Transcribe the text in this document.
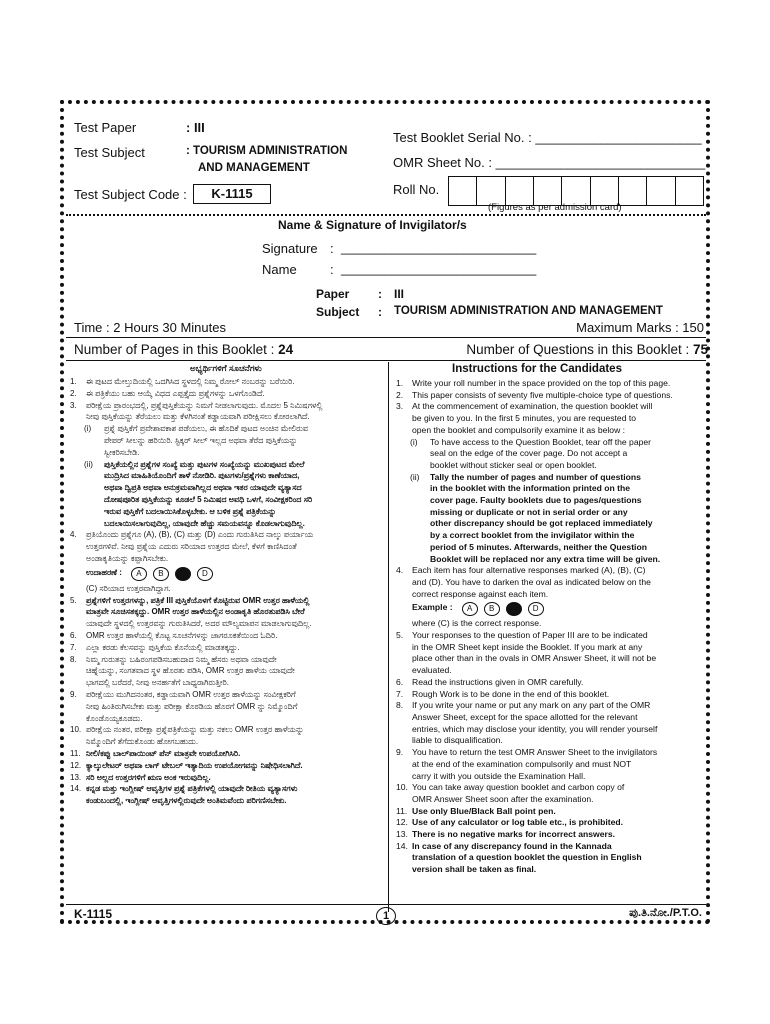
Test Paper	: III
Test Subject	: TOURISM ADMINISTRATION
AND MANAGEMENT
Test Subject Code :	K-1115
Test Booklet Serial No. : _______________________
OMR Sheet No. : _____________________________
Roll No.
(Figures as per admission card)
Name & Signature of Invigilator/s
Signature : ___________________________
Name	: ___________________________
Paper : III
Subject : TOURISM ADMINISTRATION AND MANAGEMENT
Time : 2 Hours 30 Minutes	Maximum Marks : 150
Number of Pages in this Booklet : 24	Number of Questions in this Booklet : 75
ಅಭ್ಯರ್ಥಿಗಳಿಗೆ ಸೂಚನೆಗಳು
1.	ಈ ಪುಟದ ಮೇಲ್ತುದಿಯಲ್ಲಿ ಒದಗಿಸಿದ ಸ್ಥಳದಲ್ಲಿ ನಿಮ್ಮ ರೋಲ್ ನಂಬರನ್ನು ಬರೆಯಿರಿ.
2.	ಈ ಪತ್ರಿಕೆಯು ಬಹು ಆಯ್ಕೆ ವಿಧದ ಎಪ್ಪತ್ತೈದು ಪ್ರಶ್ನೆಗಳನ್ನು ಒಳಗೊಂಡಿದೆ.
3.	ಪರೀಕ್ಷೆಯ ಪ್ರಾರಂಭದಲ್ಲಿ, ಪ್ರಶ್ನೆಪುಸ್ತಿಕೆಯನ್ನು ನಿಮಗೆ ನೀಡಲಾಗುವುದು. ಮೊದಲ 5 ನಿಮಿಷಗಳಲ್ಲಿ
ನೀವು ಪುಸ್ತಿಕೆಯನ್ನು ತೆರೆಯಲು ಮತ್ತು ಕೆಳಗಿನಂತೆ ಕಡ್ಡಾಯವಾಗಿ ಪರೀಕ್ಷಿಸಲು ಕೋರಲಾಗಿದೆ.
(i)	ಪ್ರಶ್ನೆ ಪುಸ್ತಿಕೆಗೆ ಪ್ರವೇಶಾವಕಾಶ ಪಡೆಯಲು, ಈ ಹೊದಿಕೆ ಪುಟದ ಅಂಚಿನ ಮೇಲಿರುವ
ಪೇಪರ್ ಸೀಲನ್ನು ಹರಿಯಿರಿ. ಸ್ಟಿಕ್ಕರ್ ಸೀಲ್ ಇಲ್ಲದ ಅಥವಾ ತೆರೆದ ಪುಸ್ತಿಕೆಯನ್ನು
ಸ್ವೀಕರಿಸಬೇಡಿ.
(ii)	ಪುಸ್ತಿಕೆಯಲ್ಲಿನ ಪ್ರಶ್ನೆಗಳ ಸಂಖ್ಯೆ ಮತ್ತು ಪುಟಗಳ ಸಂಖ್ಯೆಯನ್ನು ಮುಖಪುಟದ ಮೇಲೆ
ಮುದ್ರಿಸಿದ ಮಾಹಿತಿಯೊಂದಿಗೆ ತಾಳೆ ನೋಡಿರಿ. ಪುಟಗಳು/ಪ್ರಶ್ನೆಗಳು ಕಾಣೆಯಾದ,
ಅಥವಾ ದ್ವಿಪ್ರತಿ ಅಥವಾ ಅನುಕ್ರಮವಾಗಿಲ್ಲದ ಅಥವಾ ಇತರ ಯಾವುದೇ ವ್ಯತ್ಯಾಸದ
ದೋಷಪೂರಿತ ಪುಸ್ತಿಕೆಯನ್ನು ಕೂಡಲೆ 5 ನಿಮಿಷದ ಅವಧಿ ಒಳಗೆ, ಸಂವೀಕ್ಷಕರಿಂದ ಸರಿ
ಇರುವ ಪುಸ್ತಿಕೆಗೆ ಬದಲಾಯಿಸಿಕೊಳ್ಳಬೇಕು. ಆ ಬಳಿಕ ಪ್ರಶ್ನೆ ಪತ್ರಿಕೆಯನ್ನು
ಬದಲಾಯಿಸಲಾಗುವುದಿಲ್ಲ, ಯಾವುದೇ ಹೆಚ್ಚು ಸಮಯವನ್ನೂ ಕೊಡಲಾಗುವುದಿಲ್ಲ.
4.	ಪ್ರತಿಯೊಂದು ಪ್ರಶ್ನೆಗೂ (A), (B), (C) ಮತ್ತು (D) ಎಂದು ಗುರುತಿಸಿದ ನಾಲ್ಕು ಪರ್ಯಾಯ
ಉತ್ತರಗಳಿವೆ. ನೀವು ಪ್ರಶ್ನೆಯ ಎದುರು ಸರಿಯಾದ ಉತ್ತರದ ಮೇಲೆ, ಕೆಳಗೆ ಕಾಣಿಸಿದಂತೆ
ಅಂಡಾಕೃತಿಯನ್ನು ಕಪ್ಪಾಗಿಸಬೇಕು.
ಉದಾಹರಣೆ :	A B	D
(C) ಸರಿಯಾದ ಉತ್ತರವಾಗಿದ್ದಾಗ.
5.	ಪ್ರಶ್ನೆಗಳಿಗೆ ಉತ್ತರಗಳನ್ನು, ಪತ್ರಿಕೆ III ಪುಸ್ತಿಕೆಯೊಳಗೆ ಕೊಟ್ಟಿರುವ OMR ಉತ್ತರ ಹಾಳೆಯಲ್ಲಿ
ಮಾತ್ರವೇ ಸೂಚಿಸತಕ್ಕದ್ದು. OMR ಉತ್ತರ ಹಾಳೆಯಲ್ಲಿನ ಅಂಡಾಕೃತಿ ಹೊರತುಪಡಿಸಿ ಬೇರೆ
ಯಾವುದೇ ಸ್ಥಳದಲ್ಲಿ ಉತ್ತರವನ್ನು ಗುರುತಿಸಿದರೆ, ಅದರ ಮೌಲ್ಯಮಾಪನ ಮಾಡಲಾಗುವುದಿಲ್ಲ.
6.	OMR ಉತ್ತರ ಹಾಳೆಯಲ್ಲಿ ಕೊಟ್ಟ ಸೂಚನೆಗಳನ್ನು ಜಾಗರೂಕತೆಯಿಂದ ಓದಿರಿ.
7.	ಎಲ್ಲಾ ಕರಡು ಕೆಲಸವನ್ನು ಪುಸ್ತಿಕೆಯ ಕೊನೆಯಲ್ಲಿ ಮಾಡತಕ್ಕದ್ದು.
8.	ನಿಮ್ಮ ಗುರುತನ್ನು ಬಹಿರಂಗಪಡಿಸಬಹುದಾದ ನಿಮ್ಮ ಹೆಸರು ಅಥವಾ ಯಾವುದೇ
ಚಿಹ್ನೆಯನ್ನು, ಸಂಗತವಾದ ಸ್ಥಳ ಹೊರತು ಪಡಿಸಿ, OMR ಉತ್ತರ ಹಾಳೆಯ ಯಾವುದೇ
ಭಾಗದಲ್ಲಿ ಬರೆದರೆ, ನೀವು ಅನರ್ಹತೆಗೆ ಬಾಧ್ಯರಾಗಿರುತ್ತೀರಿ.
9.	ಪರೀಕ್ಷೆಯು ಮುಗಿದನಂತರ, ಕಡ್ಡಾಯವಾಗಿ OMR ಉತ್ತರ ಹಾಳೆಯನ್ನು ಸಂವೀಕ್ಷಕರಿಗೆ
ನೀವು ಹಿಂತಿರುಗಿಸಬೇಕು ಮತ್ತು ಪರೀಕ್ಷಾ ಕೊಠಡಿಯ ಹೊರಗೆ OMR ನ್ನು ನಿಮ್ಮೊಂದಿಗೆ
ಕೊಂಡೊಯ್ಯಕೂಡದು.
10. ಪರೀಕ್ಷೆಯ ನಂತರ, ಪರೀಕ್ಷಾ ಪ್ರಶ್ನೆಪತ್ರಿಕೆಯನ್ನು ಮತ್ತು ನಕಲು OMR ಉತ್ತರ ಹಾಳೆಯನ್ನು
ನಿಮ್ಮೊಂದಿಗೆ ತೆಗೆದುಕೊಂಡು ಹೋಗಬಹುದು.
11. ನೀಲಿ/ಕಪ್ಪು ಬಾಲ್‌ಪಾಯಿಂಟ್ ಪೆನ್ ಮಾತ್ರವೇ ಉಪಯೋಗಿಸಿರಿ.
12. ಕ್ಯಾಲ್ಕುಲೇಟರ್ ಅಥವಾ ಲಾಗ್ ಟೇಬಲ್ ಇತ್ಯಾದಿಯ ಉಪಯೋಗವನ್ನು ನಿಷೇಧಿಸಲಾಗಿದೆ.
13. ಸರಿ ಅಲ್ಲದ ಉತ್ತರಗಳಿಗೆ ಋಣ ಅಂಕ ಇರುವುದಿಲ್ಲ.
14. ಕನ್ನಡ ಮತ್ತು ಇಂಗ್ಲೀಷ್ ಆವೃತ್ತಿಗಳ ಪ್ರಶ್ನೆ ಪತ್ರಿಕೆಗಳಲ್ಲಿ ಯಾವುದೇ ರೀತಿಯ ವ್ಯತ್ಯಾಸಗಳು
ಕಂಡುಬಂದಲ್ಲಿ, ಇಂಗ್ಲೀಷ್ ಆವೃತ್ತಿಗಳಲ್ಲಿರುವುದೇ ಅಂತಿಮವೆಂದು ಪರಿಗಣಿಸಬೇಕು.
Instructions for the Candidates
1.	Write your roll number in the space provided on the top of this page.
2.	This paper consists of seventy five multiple-choice type of questions.
3.	At the commencement of examination, the question booklet will
be given to you. In the first 5 minutes, you are requested to
open the booklet and compulsorily examine it as below :
(i)	To have access to the Question Booklet, tear off the paper
seal on the edge of the cover page. Do not accept a
booklet without sticker seal or open booklet.
(ii)	Tally the number of pages and number of questions
in the booklet with the information printed on the
cover page. Faulty booklets due to pages/questions
missing or duplicate or not in serial order or any
other discrepancy should be got replaced immediately
by a correct booklet from the invigilator within the
period of 5 minutes. Afterwards, neither the Question
Booklet will be replaced nor any extra time will be given.
4.	Each item has four alternative responses marked (A), (B), (C)
and (D). You have to darken the oval as indicated below on the
correct response against each item.
Example :	A B	D
where (C) is the correct response.
5.	Your responses to the question of Paper III are to be indicated
in the OMR Sheet kept inside the Booklet. If you mark at any
place other than in the ovals in OMR Answer Sheet, it will not be
evaluated.
6.	Read the instructions given in OMR carefully.
7.	Rough Work is to be done in the end of this booklet.
8.	If you write your name or put any mark on any part of the OMR
Answer Sheet, except for the space allotted for the relevant
entries, which may disclose your identity, you will render yourself
liable to disqualification.
9.	You have to return the test OMR Answer Sheet to the invigilators
at the end of the examination compulsorily and must NOT
carry it with you outside the Examination Hall.
10. You can take away question booklet and carbon copy of
OMR Answer Sheet soon after the examination.
11. Use only Blue/Black Ball point pen.
12. Use of any calculator or log table etc., is prohibited.
13. There is no negative marks for incorrect answers.
14. In case of any discrepancy found in the Kannada
translation of a question booklet the question in English
version shall be taken as final.
K-1115	1	ಪು.ತಿ.ನೋ./P.T.O.
